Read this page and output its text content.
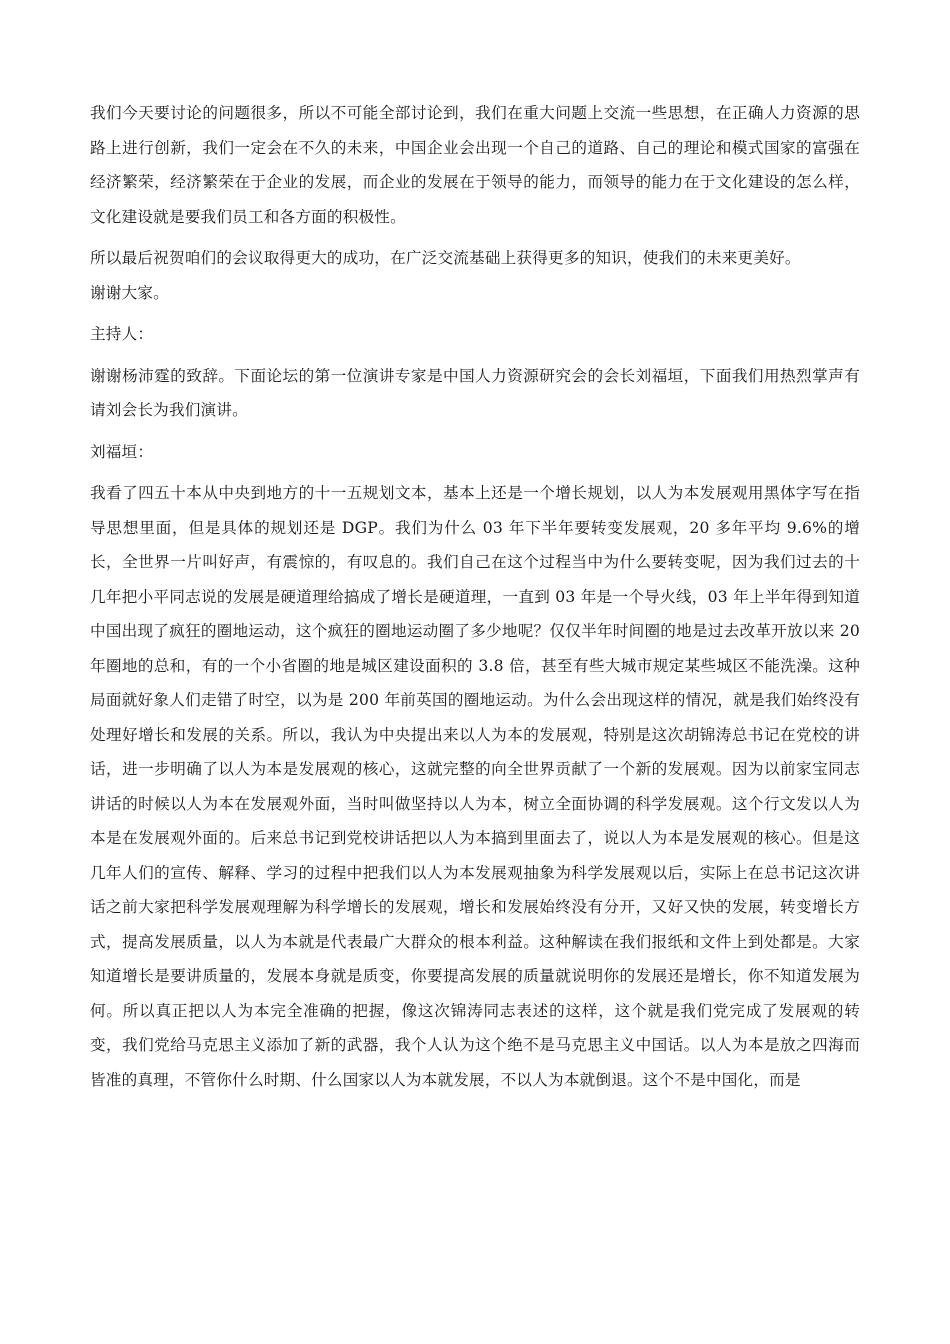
我们今天要讨论的问题很多，所以不可能全部讨论到，我们在重大问题上交流一些思想，在正确人力资源的思路上进行创新，我们一定会在不久的未来，中国企业会出现一个自己的道路、自己的理论和模式国家的富强在经济繁荣，经济繁荣在于企业的发展，而企业的发展在于领导的能力，而领导的能力在于文化建设的怎么样，文化建设就是要我们员工和各方面的积极性。

所以最后祝贺咱们的会议取得更大的成功，在广泛交流基础上获得更多的知识，使我们的未来更美好。

谢谢大家。

主持人：

谢谢杨沛霆的致辞。下面论坛的第一位演讲专家是中国人力资源研究会的会长刘福垣，下面我们用热烈掌声有请刘会长为我们演讲。

刘福垣：

我看了四五十本从中央到地方的十一五规划文本，基本上还是一个增长规划，以人为本发展观用黑体字写在指导思想里面，但是具体的规划还是 DGP。我们为什么 03 年下半年要转变发展观，20 多年平均 9.6%的增长，全世界一片叫好声，有震惊的，有叹息的。我们自己在这个过程当中为什么要转变呢，因为我们过去的十几年把小平同志说的发展是硬道理给搞成了增长是硬道理，一直到 03 年是一个导火线，03 年上半年得到知道中国出现了疯狂的圈地运动，这个疯狂的圈地运动圈了多少地呢？仅仅半年时间圈的地是过去改革开放以来 20 年圈地的总和，有的一个小省圈的地是城区建设面积的 3.8 倍，甚至有些大城市规定某些城区不能洗澡。这种局面就好象人们走错了时空，以为是 200 年前英国的圈地运动。为什么会出现这样的情况，就是我们始终没有处理好增长和发展的关系。所以，我认为中央提出来以人为本的发展观，特别是这次胡锦涛总书记在党校的讲话，进一步明确了以人为本是发展观的核心，这就完整的向全世界贡献了一个新的发展观。因为以前家宝同志讲话的时候以人为本在发展观外面，当时叫做坚持以人为本，树立全面协调的科学发展观。这个行文发以人为本是在发展观外面的。后来总书记到党校讲话把以人为本搞到里面去了，说以人为本是发展观的核心。但是这几年人们的宣传、解释、学习的过程中把我们以人为本发展观抽象为科学发展观以后，实际上在总书记这次讲话之前大家把科学发展观理解为科学增长的发展观，增长和发展始终没有分开，又好又快的发展，转变增长方式，提高发展质量，以人为本就是代表最广大群众的根本利益。这种解读在我们报纸和文件上到处都是。大家知道增长是要讲质量的，发展本身就是质变，你要提高发展的质量就说明你的发展还是增长，你不知道发展为何。所以真正把以人为本完全准确的把握，像这次锦涛同志表述的这样，这个就是我们党完成了发展观的转变，我们党给马克思主义添加了新的武器，我个人认为这个绝不是马克思主义中国话。以人为本是放之四海而皆准的真理，不管你什么时期、什么国家以人为本就发展，不以人为本就倒退。这个不是中国化，而是
